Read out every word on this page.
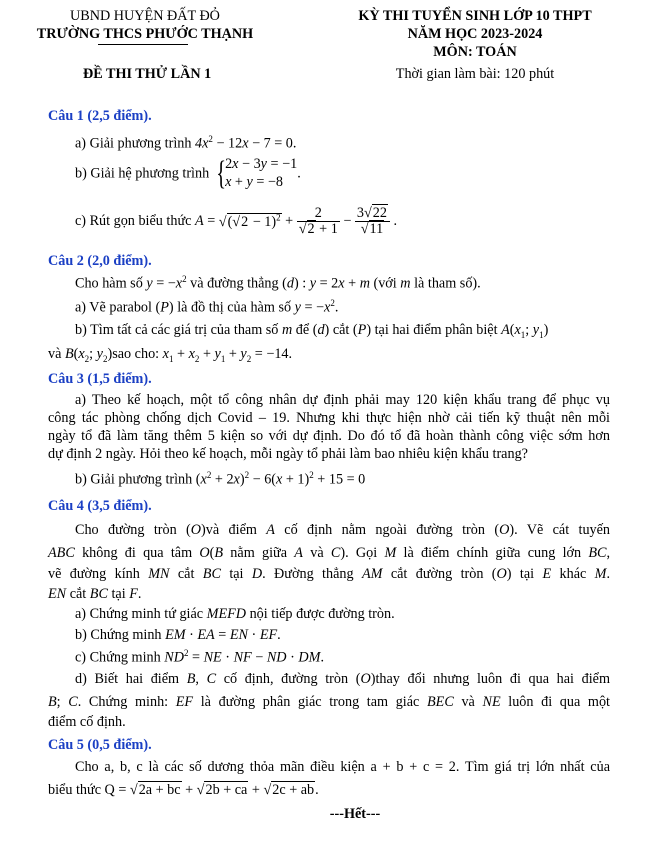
UBND HUYỆN ĐẤT ĐỎ
TRƯỜNG THCS PHƯỚC THẠNH
ĐỀ THI THỬ LẦN 1
KỲ THI TUYỂN SINH LỚP 10 THPT
NĂM HỌC 2023-2024
MÔN: TOÁN
Thời gian làm bài: 120 phút
Câu 1 (2,5 điểm).
a) Giải phương trình $4x^2 - 12x - 7 = 0$.
b) Giải hệ phương trình { 2x − 3y = −1
x + y = −8
.
c) Rút gọn biểu thức $A = √(√2 - 1)^2 + \frac{2}{√2 + 1} - \frac{3√22}{√11}$ .
Câu 2 (2,0 điểm).
Cho hàm số $y = -x^2$ và đường thẳng (d) : y = 2x + m (với m là tham số).
a) Vẽ parabol (P) là đồ thị của hàm số $y = -x^2$.
b) Tìm tất cả các giá trị của tham số m để (d) cắt (P) tại hai điểm phân biệt $A(x_1$; $y_1$)
và $B(x_2$; $y_2)sao$ cho: $x_1 + x_2 + y_1 + y_2 = -14$.
Câu 3 (1,5 điểm).
a) Theo kế hoạch, một tổ công nhân dự định phải may 120 kiện khẩu trang để phục vụ
công tác phòng chống dịch Covid – 19. Nhưng khi thực hiện nhờ cải tiến kỹ thuật nên mỗi
ngày tổ đã làm tăng thêm 5 kiện so với dự định. Do đó tổ đã hoàn thành công việc sớm hơn
dự định 2 ngày. Hỏi theo kế hoạch, mỗi ngày tổ phải làm bao nhiêu kiện khẩu trang?
b) Giải phương trình $(x^2 + 2x)^2 - 6(x + 1)^2 + 15 = 0$
Câu 4 (3,5 điểm).
Cho đường tròn (O)và điểm A cố định nằm ngoài đường tròn (O). Vẽ cát tuyến
ABC không đi qua tâm O(B nằm giữa A và C). Gọi M là điểm chính giữa cung lớn BC,
vẽ đường kính MN cắt BC tại D. Đường thẳng AM cắt đường tròn (O) tại E khác M.
EN cắt BC tại F.
a) Chứng minh tứ giác MEFD nội tiếp được đường tròn.
b) Chứng minh EM · EA = EN · EF.
c) Chứng minh $ND^2$ = NE · NF − ND · DM.
d) Biết hai điểm B, C cố định, đường tròn (O)thay đổi nhưng luôn đi qua hai điểm
B; C. Chứng minh: EF là đường phân giác trong tam giác BEC và NE luôn đi qua một
điểm cố định.
Câu 5 (0,5 điểm).
Cho a, b, c là các số dương thỏa mãn điều kiện a + b + c = 2. Tìm giá trị lớn nhất của
biểu thức Q = √2a + bc + √2b + ca + √2c + ab.
---Hết---
